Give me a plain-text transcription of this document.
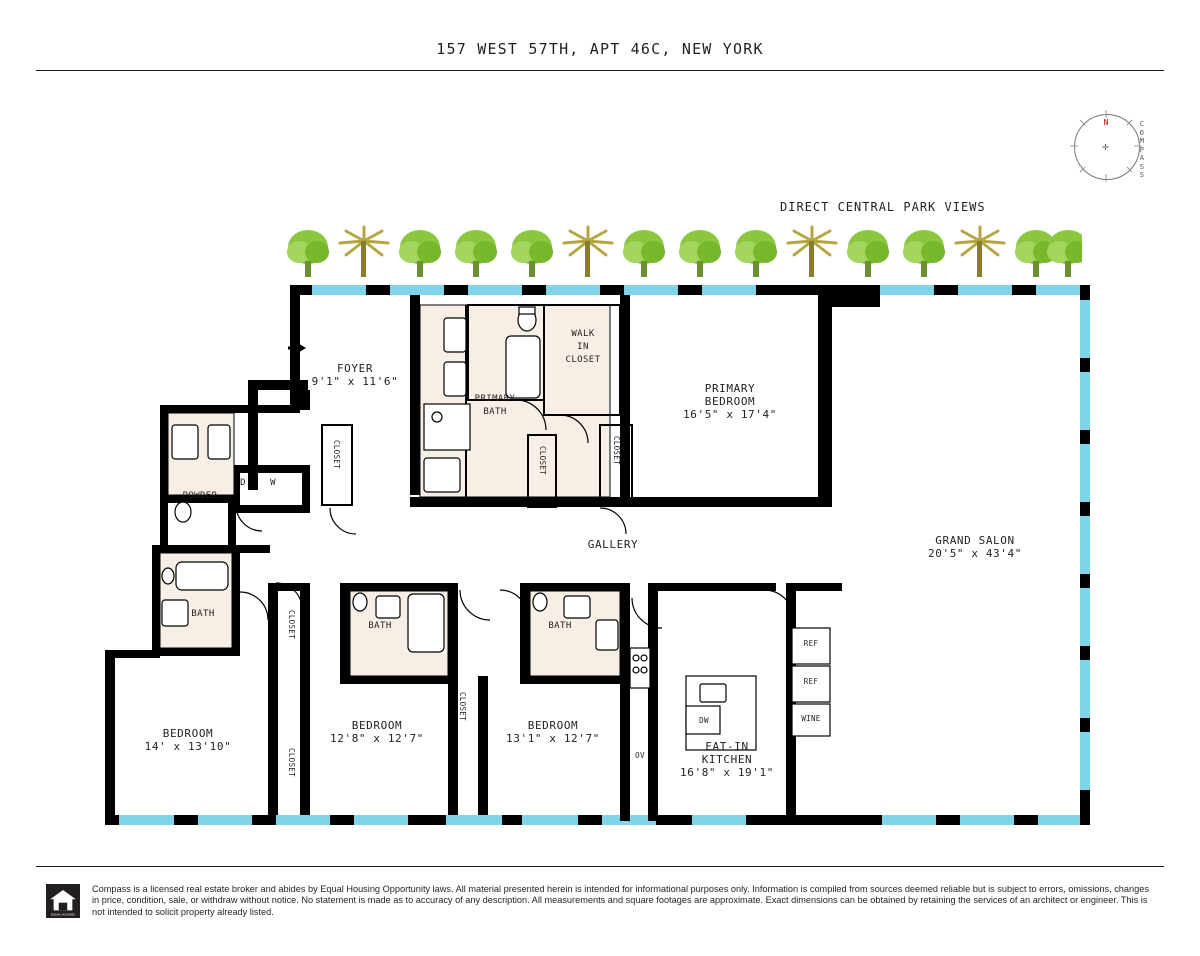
157 WEST 57TH, APT 46C, NEW YORK
N
✛
C
O
M
P
A
S
S
DIRECT CENTRAL PARK VIEWS
FOYER
9'1" x 11'6"
PRIMARY
BATH
WALK
IN
CLOSET
PRIMARY
BEDROOM
16'5" x 17'4"
GRAND SALON
20'5" x 43'4"
GALLERY
POWDER
BATH
BATH	BATH
BEDROOM
14' x 13'10"
BEDROOM
12'8" x 12'7"
BEDROOM
13'1" x 12'7"
EAT-IN
KITCHEN
16'8" x 19'1"
CLOSET	CLOSET	CLOSET
CLOSET
CLOSET
CLOSET
D	W
REF
REF
WINE
DW
OV
EQUAL HOUSING
Compass is a licensed real estate broker and abides by Equal Housing Opportunity laws. All material presented herein is intended for informational purposes only. Information is compiled from sources deemed reliable but is subject to errors, omissions, changes in price, condition, sale, or withdraw without notice. No statement is made as to accuracy of any description. All measurements and square footages are approximate. Exact dimensions can be obtained by retaining the services of an architect or engineer. This is not intended to solicit property already listed.
